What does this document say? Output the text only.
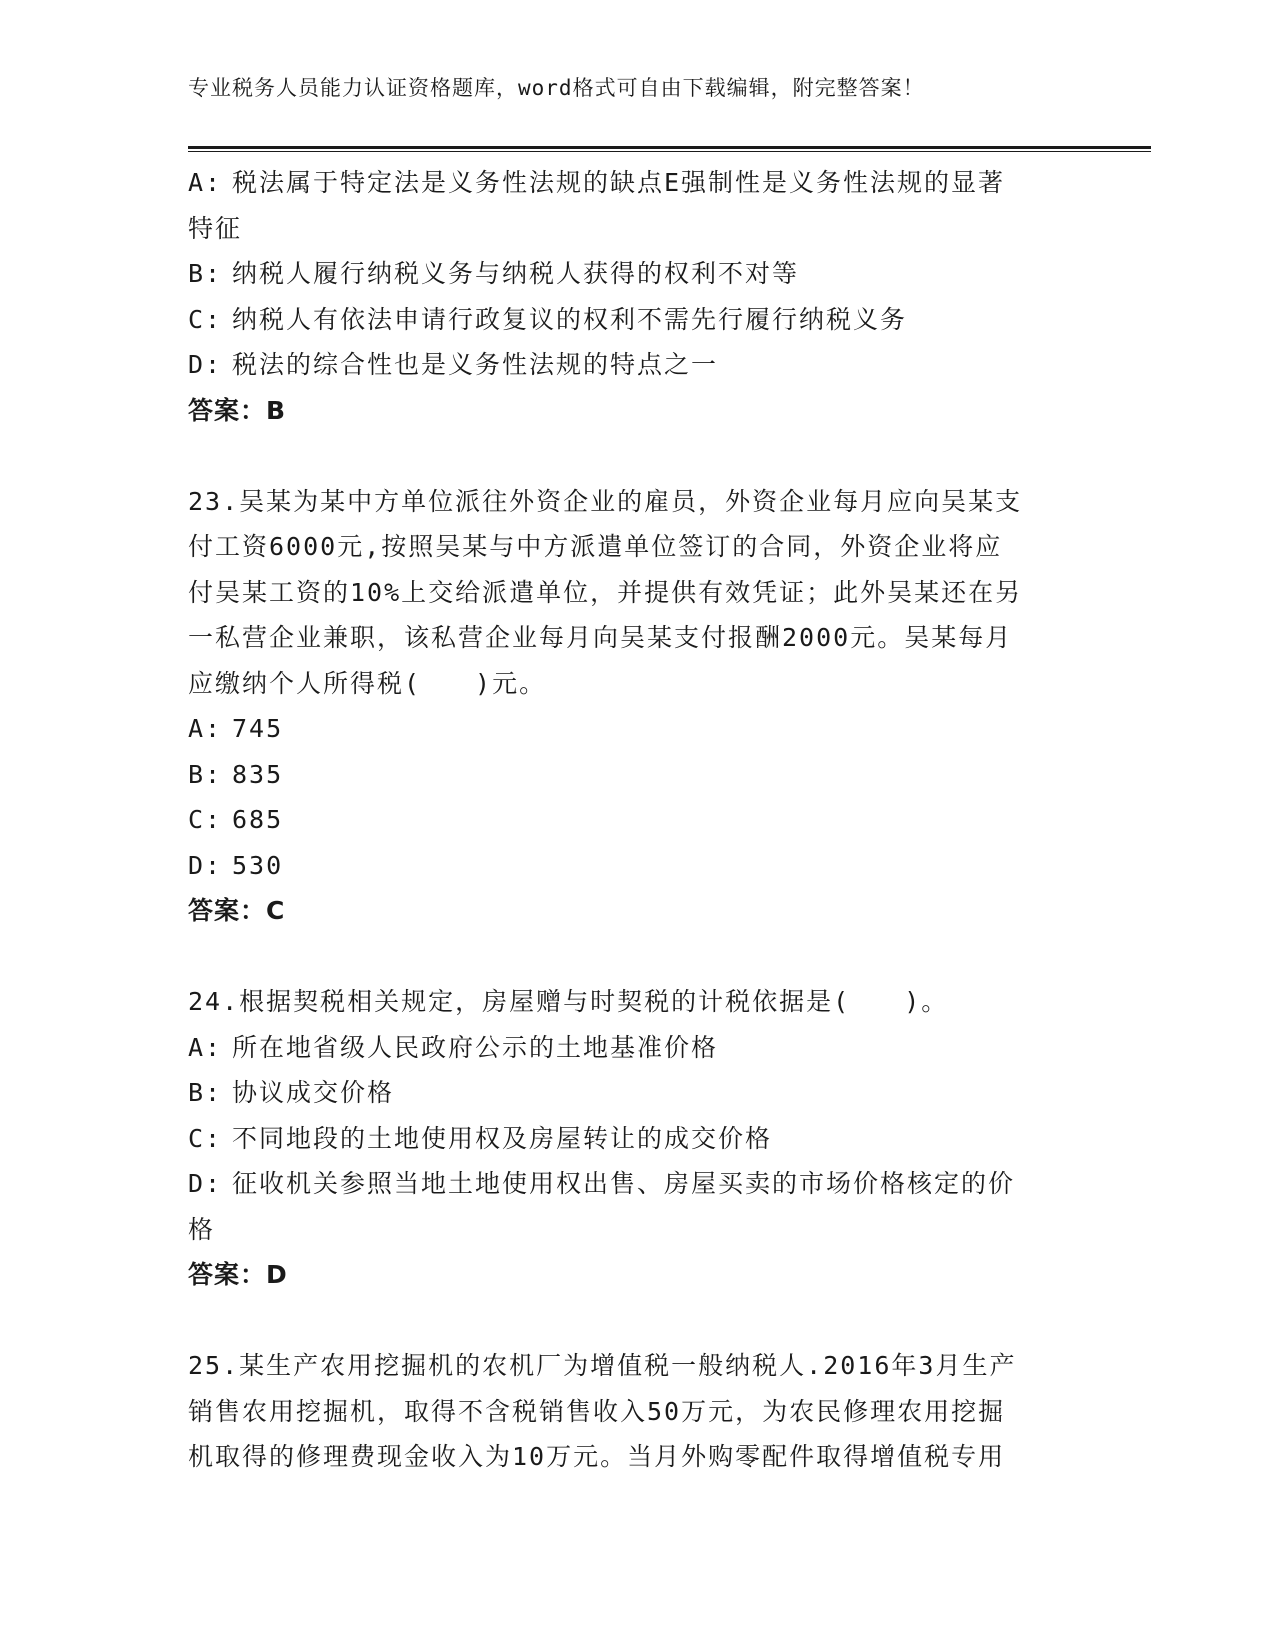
专业税务人员能力认证资格题库，word格式可自由下载编辑，附完整答案！
A: 税法属于特定法是义务性法规的缺点E强制性是义务性法规的显著
特征
B: 纳税人履行纳税义务与纳税人获得的权利不对等
C: 纳税人有依法申请行政复议的权利不需先行履行纳税义务
D: 税法的综合性也是义务性法规的特点之一
答案：B
23.吴某为某中方单位派往外资企业的雇员，外资企业每月应向吴某支
付工资6000元,按照吴某与中方派遣单位签订的合同，外资企业将应
付吴某工资的10%上交给派遣单位，并提供有效凭证；此外吴某还在另
一私营企业兼职，该私营企业每月向吴某支付报酬2000元。吴某每月
应缴纳个人所得税(　　)元。
A: 745
B: 835
C: 685
D: 530
答案：C
24.根据契税相关规定，房屋赠与时契税的计税依据是(　　)。
A: 所在地省级人民政府公示的土地基准价格
B: 协议成交价格
C: 不同地段的土地使用权及房屋转让的成交价格
D: 征收机关参照当地土地使用权出售、房屋买卖的市场价格核定的价
格
答案：D
25.某生产农用挖掘机的农机厂为增值税一般纳税人.2016年3月生产
销售农用挖掘机，取得不含税销售收入50万元，为农民修理农用挖掘
机取得的修理费现金收入为10万元。当月外购零配件取得增值税专用
